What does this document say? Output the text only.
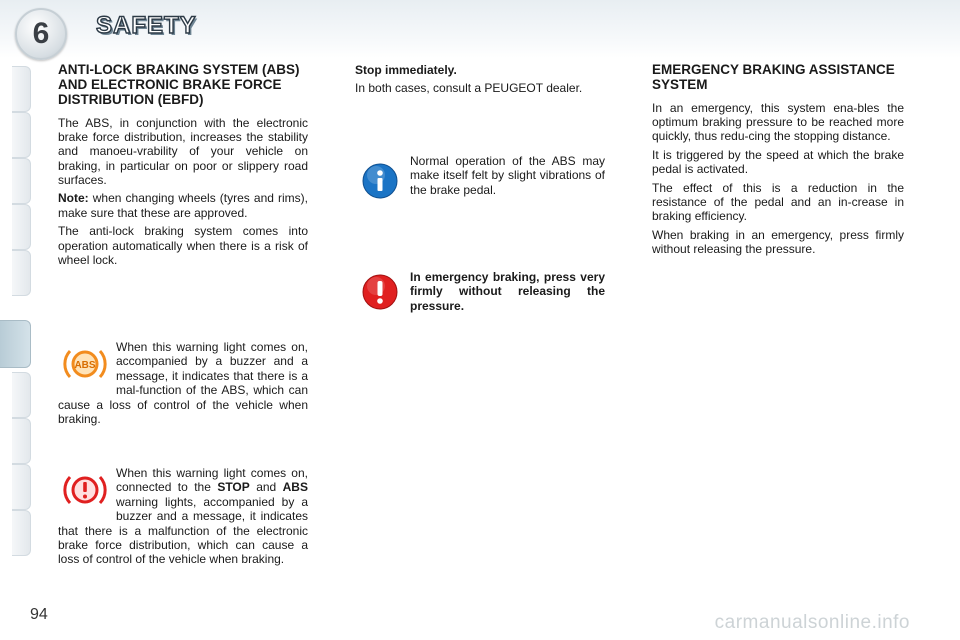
6	SAFETY
ANTI-LOCK BRAKING SYSTEM (ABS) AND ELECTRONIC BRAKE FORCE DISTRIBUTION (EBFD)

The ABS, in conjunction with the electronic brake force distribution, increases the stability and manoeu-vrability of your vehicle on braking, in particular on poor or slippery road surfaces.

Note: when changing wheels (tyres and rims), make sure that these are approved.

The anti-lock braking system comes into operation automatically when there is a risk of wheel lock.

ABS
When this warning light comes on, accompanied by a buzzer and a message, it indicates that there is a mal-function of the ABS, which can cause a loss of control of the vehicle when braking.
When this warning light comes on, connected to the STOP and ABS warning lights, accompanied by a buzzer and a message, it indicates that there is a malfunction of the electronic brake force distribution, which can cause a loss of control of the vehicle when braking.

Stop immediately.

In both cases, consult a PEUGEOT dealer.

Normal operation of the ABS may make itself felt by slight vibrations of the brake pedal.
In emergency braking, press very firmly without releasing the pressure.
EMERGENCY BRAKING ASSISTANCE SYSTEM

In an emergency, this system ena-bles the optimum braking pressure to be reached more quickly, thus redu-cing the stopping distance.

It is triggered by the speed at which the brake pedal is activated.

The effect of this is a reduction in the resistance of the pedal and an in-crease in braking efficiency.

When braking in an emergency, press firmly without releasing the pressure.

94	carmanualsonline.info
